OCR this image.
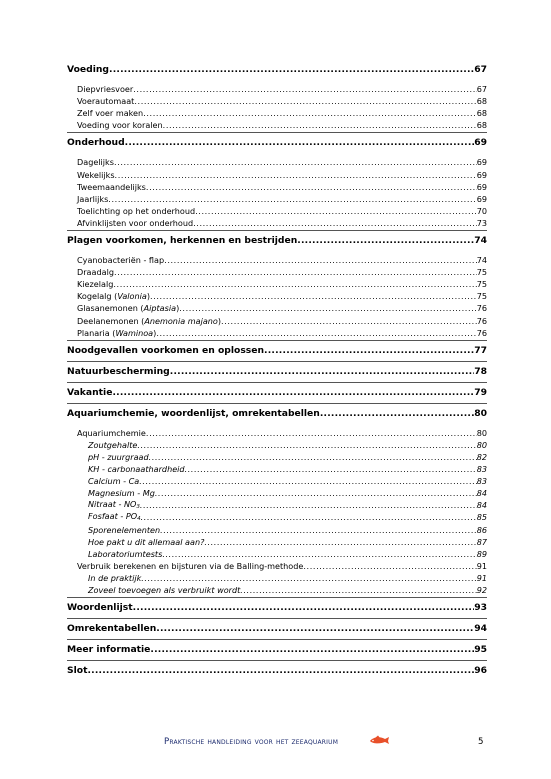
Voeding .....	67
Diepvriesvoer .....	67
Voerautomaat .....	68
Zelf voer maken .....	68
Voeding voor koralen .....	68
Onderhoud .....	69
Dagelijks .....	69
Wekelijks .....	69
Tweemaandelijks .....	69
Jaarlijks .....	69
Toelichting op het onderhoud .....	70
Afvinklijsten voor onderhoud .....	73
Plagen voorkomen, herkennen en bestrijden .....	74
Cyanobacteriën - flap .....	74
Draadalg .....	75
Kiezelalg .....	75
Kogelalg (Valonia) .....	75
Glasanemonen (Aiptasia) .....	76
Deelanemonen (Anemonia majano) .....	76
Planaria (Waminoa) .....	76
Noodgevallen voorkomen en oplossen .....	77
Natuurbescherming .....	78
Vakantie .....	79
Aquariumchemie, woordenlijst, omrekentabellen .....	80
Aquariumchemie .....	80
Zoutgehalte .....	80
pH - zuurgraad .....	82
KH - carbonaathardheid .....	83
Calcium - Ca .....	83
Magnesium - Mg .....	84
Nitraat - $NO_3$ .....	84
Fosfaat - $PO_4$ .....	85
Sporenelementen .....	86
Hoe pakt u dit allemaal aan? .....	87
Laboratoriumtests .....	89
Verbruik berekenen en bijsturen via de Balling-methode .....	91
In de praktijk .....	91
Zoveel toevoegen als verbruikt wordt .....	92
Woordenlijst .....	93
Omrekentabellen .....	94
Meer informatie .....	95
Slot .....	96
Praktische handleiding voor het zeeaquarium	5
